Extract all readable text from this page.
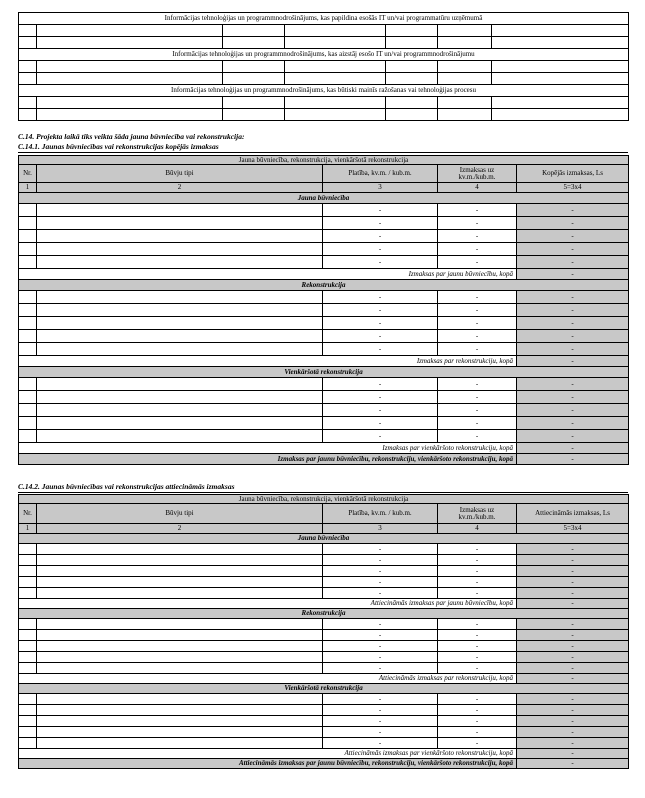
Informācijas tehnoloģijas un programmnodrošinājums, kas papildina esošās IT un/vai programmatūru uzņēmumā						

Informācijas tehnoloģijas un programmnodrošinājums, kas aizstāj esošo IT un/vai programmnodrošinājumu						

Informācijas tehnoloģijas un programmnodrošinājums, kas būtiski mainīs ražošanas vai tehnoloģijas procesu						

C.14. Projekta laikā tiks veikta šāda jauna būvniecība vai rekonstrukcija:
C.14.1. Jaunas būvniecības vai rekonstrukcijas kopējās izmaksas
Jauna būvniecība, rekonstrukcija, vienkāršotā rekonstrukcija				
Nr.	Būvju tipi	Platība, kv.m. / kub.m.	Izmaksas uz
kv.m./kub.m.	Kopējās izmaksas, Ls
1	2	3	4	5=3x4
Jauna būvniecība				
		-	-	-
		-	-	-
		-	-	-
		-	-	-
		-	-	-
Izmaksas par jaunu būvniecību, kopā				-
Rekonstrukcija				
		-	-	-
		-	-	-
		-	-	-
		-	-	-
		-	-	-
Izmaksas par rekonstrukciju, kopā				-
Vienkāršotā rekonstrukcija				
		-	-	-
		-	-	-
		-	-	-
		-	-	-
		-	-	-
Izmaksas par vienkāršoto rekonstrukciju, kopā				-
Izmaksas par jaunu būvniecību, rekonstrukciju, vienkāršoto rekonstrukciju, kopā				-
C.14.2. Jaunas būvniecības vai rekonstrukcijas attiecināmās izmaksas
Jauna būvniecība, rekonstrukcija, vienkāršotā rekonstrukcija				
Nr.	Būvju tipi	Platība, kv.m. / kub.m.	Izmaksas uz
kv.m./kub.m.	Attiecināmās izmaksas, Ls
1	2	3	4	5=3x4
Jauna būvniecība				
		-	-	-
		-	-	-
		-	-	-
		-	-	-
		-	-	-
Attiecināmās izmaksas par jaunu būvniecību, kopā				-
Rekonstrukcija				
		-	-	-
		-	-	-
		-	-	-
		-	-	-
		-	-	-
Attiecināmās izmaksas par rekonstrukciju, kopā				-
Vienkāršotā rekonstrukcija				
		-	-	-
		-	-	-
		-	-	-
		-	-	-
		-	-	-
Attiecināmās izmaksas par vienkāršoto rekonstrukciju, kopā				-
Attiecināmās izmaksas par jaunu būvniecību, rekonstrukciju, vienkāršoto rekonstrukciju, kopā				-
